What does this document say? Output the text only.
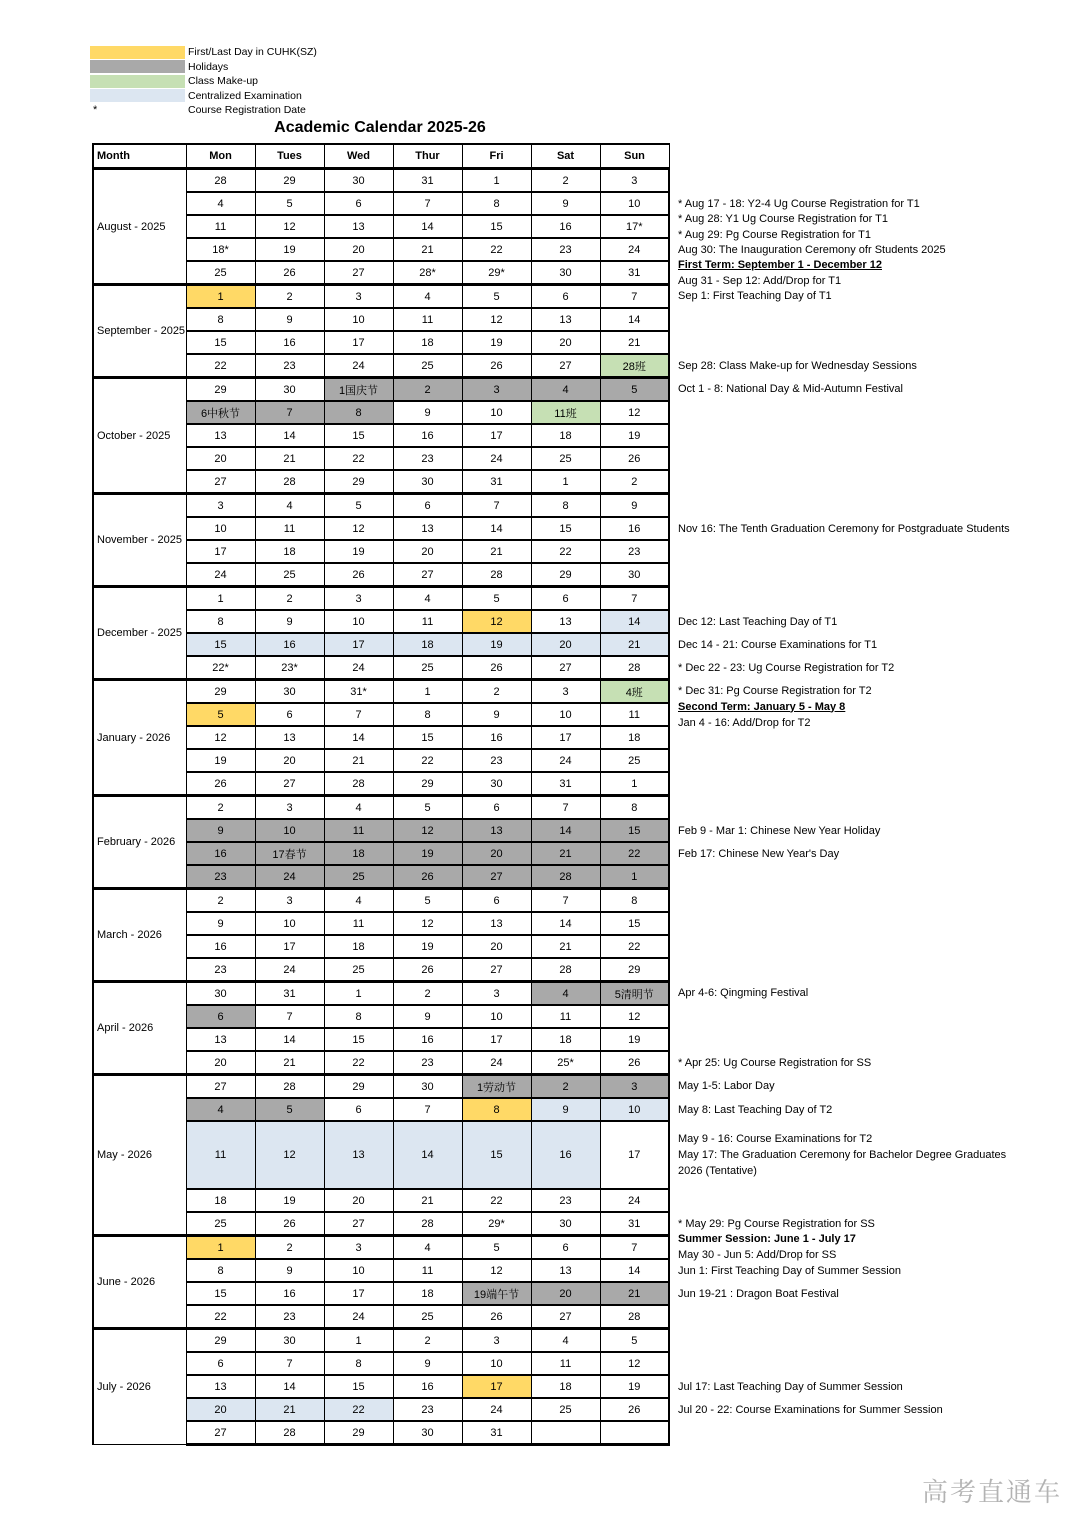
First/Last Day in CUHK(SZ)
Holidays
Class Make-up
Centralized Examination
*	Course Registration Date
Academic Calendar 2025-26
Month	Mon	Tues	Wed	Thur	Fri	Sat	Sun	
August - 2025	28	29	30	31	1	2	3	
	4	5	6	7	8	9	10	* Aug 17 - 18: Y2-4 Ug Course Registration for T1

	11	12	13	14	15	16	17*	* Aug 28: Y1 Ug Course Registration for T1
* Aug 29: Pg Course Registration for T1

	18*	19	20	21	22	23	24	Aug 30: The Inauguration Ceremony ofr Students 2025

	25	26	27	28*	29*	30	31	First Term: September 1 - December 12
Aug 31 - Sep 12: Add/Drop for T1

September - 2025	1	2	3	4	5	6	7	Sep 1: First Teaching Day of T1

	8	9	10	11	12	13	14	
	15	16	17	18	19	20	21	
	22	23	24	25	26	27	28班	Sep 28: Class Make-up for Wednesday Sessions

October - 2025	29	30	1国庆节	2	3	4	5	Oct 1 - 8: National Day & Mid-Autumn Festival

	6中秋节	7	8	9	10	11班	12	
	13	14	15	16	17	18	19	
	20	21	22	23	24	25	26	
	27	28	29	30	31	1	2	
November - 2025	3	4	5	6	7	8	9	
	10	11	12	13	14	15	16	Nov 16: The Tenth Graduation Ceremony for Postgraduate Students

	17	18	19	20	21	22	23	
	24	25	26	27	28	29	30	
December - 2025	1	2	3	4	5	6	7	
	8	9	10	11	12	13	14	Dec 12: Last Teaching Day of T1

	15	16	17	18	19	20	21	Dec 14 - 21: Course Examinations for T1

	22*	23*	24	25	26	27	28	* Dec 22 - 23: Ug Course Registration for T2

January - 2026	29	30	31*	1	2	3	4班	* Dec 31: Pg Course Registration for T2

	5	6	7	8	9	10	11	Second Term: January 5 - May 8
Jan 4 - 16: Add/Drop for T2

	12	13	14	15	16	17	18	
	19	20	21	22	23	24	25	
	26	27	28	29	30	31	1	
February - 2026	2	3	4	5	6	7	8	
	9	10	11	12	13	14	15	Feb 9 - Mar 1: Chinese New Year Holiday

	16	17春节	18	19	20	21	22	Feb 17: Chinese New Year's Day

	23	24	25	26	27	28	1	
March - 2026	2	3	4	5	6	7	8	
	9	10	11	12	13	14	15	
	16	17	18	19	20	21	22	
	23	24	25	26	27	28	29	
April - 2026	30	31	1	2	3	4	5清明节	Apr 4-6: Qingming Festival

	6	7	8	9	10	11	12	
	13	14	15	16	17	18	19	
	20	21	22	23	24	25*	26	* Apr 25: Ug Course Registration for SS

May - 2026	27	28	29	30	1劳动节	2	3	May 1-5: Labor Day

	4	5	6	7	8	9	10	May 8: Last Teaching Day of T2

	11	12	13	14	15	16	17	May 9 - 16: Course Examinations for T2
May 17: The Graduation Ceremony for Bachelor Degree Graduates
2026 (Tentative)

	18	19	20	21	22	23	24	
	25	26	27	28	29*	30	31	* May 29: Pg Course Registration for SS

June - 2026	1	2	3	4	5	6	7	Summer Session: June 1 - July 17
May 30 - Jun 5: Add/Drop for SS

	8	9	10	11	12	13	14	Jun 1: First Teaching Day of Summer Session

	15	16	17	18	19端午节	20	21	Jun 19-21 : Dragon Boat Festival

	22	23	24	25	26	27	28	
July - 2026	29	30	1	2	3	4	5	
	6	7	8	9	10	11	12	
	13	14	15	16	17	18	19	Jul 17: Last Teaching Day of Summer Session

	20	21	22	23	24	25	26	Jul 20 - 22: Course Examinations for Summer Session

	27	28	29	30	31			
高考直通车
